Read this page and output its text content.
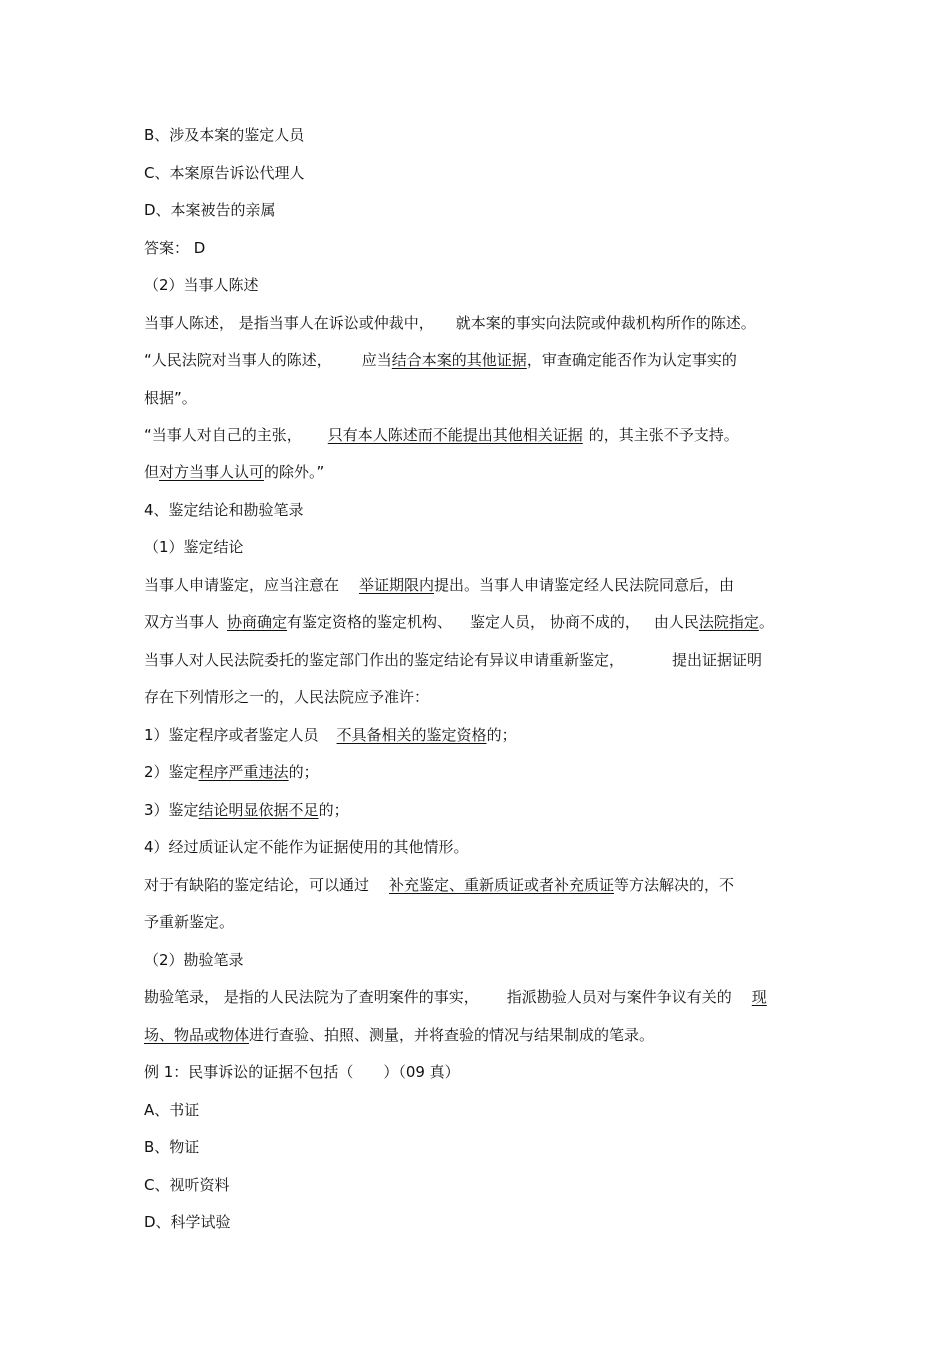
B、涉及本案的鉴定人员
C、本案原告诉讼代理人
D、本案被告的亲属
答案： D
（2）当事人陈述
当事人陈述， 是指当事人在诉讼或仲裁中， 就本案的事实向法院或仲裁机构所作的陈述。
“人民法院对当事人的陈述， 应当结合本案的其他证据，审查确定能否作为认定事实的
根据”。
“当事人对自己的主张， 只有本人陈述而不能提出其他相关证据 的，其主张不予支持。
但对方当事人认可的除外。”
4、鉴定结论和勘验笔录
（1）鉴定结论
当事人申请鉴定，应当注意在 举证期限内提出。当事人申请鉴定经人民法院同意后，由
双方当事人 协商确定有鉴定资格的鉴定机构、 鉴定人员， 协商不成的， 由人民法院指定。
当事人对人民法院委托的鉴定部门作出的鉴定结论有异议申请重新鉴定，	提出证据证明
存在下列情形之一的，人民法院应予准许：
1）鉴定程序或者鉴定人员 不具备相关的鉴定资格的；
2）鉴定程序严重违法的；
3）鉴定结论明显依据不足的；
4）经过质证认定不能作为证据使用的其他情形。
对于有缺陷的鉴定结论，可以通过 补充鉴定、重新质证或者补充质证等方法解决的，不
予重新鉴定。
（2）勘验笔录
勘验笔录， 是指的人民法院为了查明案件的事实， 指派勘验人员对与案件争议有关的 现
场、物品或物体进行查验、拍照、测量，并将查验的情况与结果制成的笔录。
例 1：民事诉讼的证据不包括（　　）（09 真）
A、书证
B、物证
C、视听资料
D、科学试验
